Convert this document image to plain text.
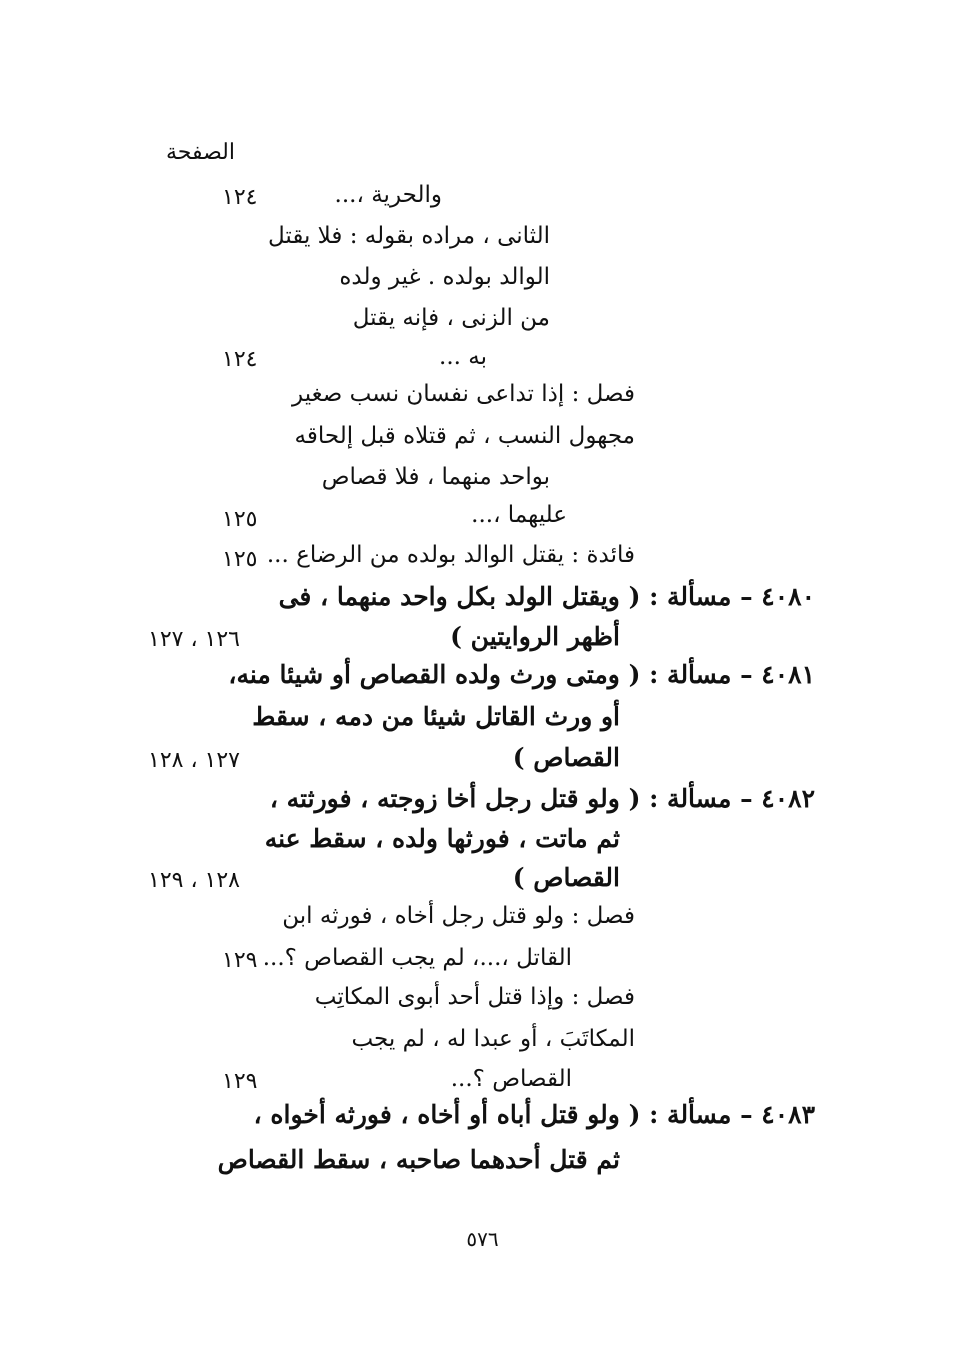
الصفحة
والحرية ،...
الثانى ، مراده بقوله : فلا يقتل
الوالد بولده . غير ولده
من الزنى ، فإنه يقتل
به ...
فصل : إذا تداعى نفسان نسب صغير
مجهول النسب ، ثم قتلاه قبل إلحاقه
بواحد منهما ، فلا قصاص
عليهما ،...
فائدة : يقتل الوالد بولده من الرضاع ...
٤٠٨٠ – مسألة : ( ويقتل الولد بكل واحد منهما ، فى
أظهر الروايتين )
٤٠٨١ – مسألة : ( ومتى ورث ولده القصاص أو شيئا منه،
أو ورث القاتل شيئا من دمه ، سقط
القصاص )
٤٠٨٢ – مسألة : ( ولو قتل رجل أخا زوجته ، فورثته ،
ثم ماتت ، فورثها ولده ، سقط عنه
القصاص )
فصل : ولو قتل رجل أخاه ، فورثه ابن
القاتل ،...، لم يجب القصاص ؟...
فصل : وإذا قتل أحد أبوى المكاتِب
المكاتَبَ ، أو عبدا له ، لم يجب
القصاص ؟...
٤٠٨٣ – مسألة : ( ولو قتل أباه أو أخاه ، فورثه أخواه ،
ثم قتل أحدهما صاحبه ، سقط القصاص
١٢٤
١٢٤
١٢٥
١٢٥
١٢٦ ، ١٢٧
١٢٧ ، ١٢٨
١٢٨ ، ١٢٩
١٢٩
١٢٩
٥٧٦
